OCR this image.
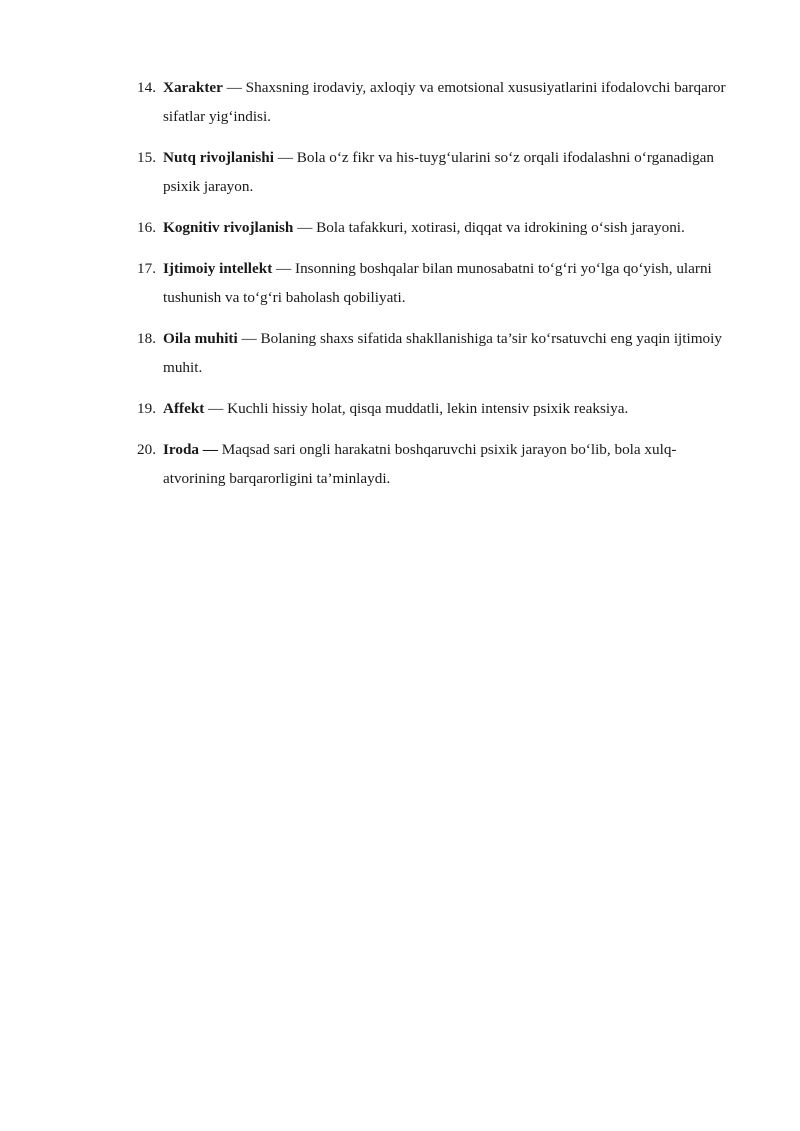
14. Xarakter — Shaxsning irodaviy, axloqiy va emotsional xususiyatlarini ifodalovchi barqaror sifatlar yig‘indisi.
15. Nutq rivojlanishi — Bola o‘z fikr va his-tuyg‘ularini so‘z orqali ifodalashni o‘rganadigan psixik jarayon.
16. Kognitiv rivojlanish — Bola tafakkuri, xotirasi, diqqat va idrokining o‘sish jarayoni.
17. Ijtimoiy intellekt — Insonning boshqalar bilan munosabatni to‘g‘ri yo‘lga qo‘yish, ularni tushunish va to‘g‘ri baholash qobiliyati.
18. Oila muhiti — Bolaning shaxs sifatida shakllanishiga ta’sir ko‘rsatuvchi eng yaqin ijtimoiy muhit.
19. Affekt — Kuchli hissiy holat, qisqa muddatli, lekin intensiv psixik reaksiya.
20. Iroda — Maqsad sari ongli harakatni boshqaruvchi psixik jarayon bo‘lib, bola xulq-atvorining barqarorligini ta’minlaydi.
